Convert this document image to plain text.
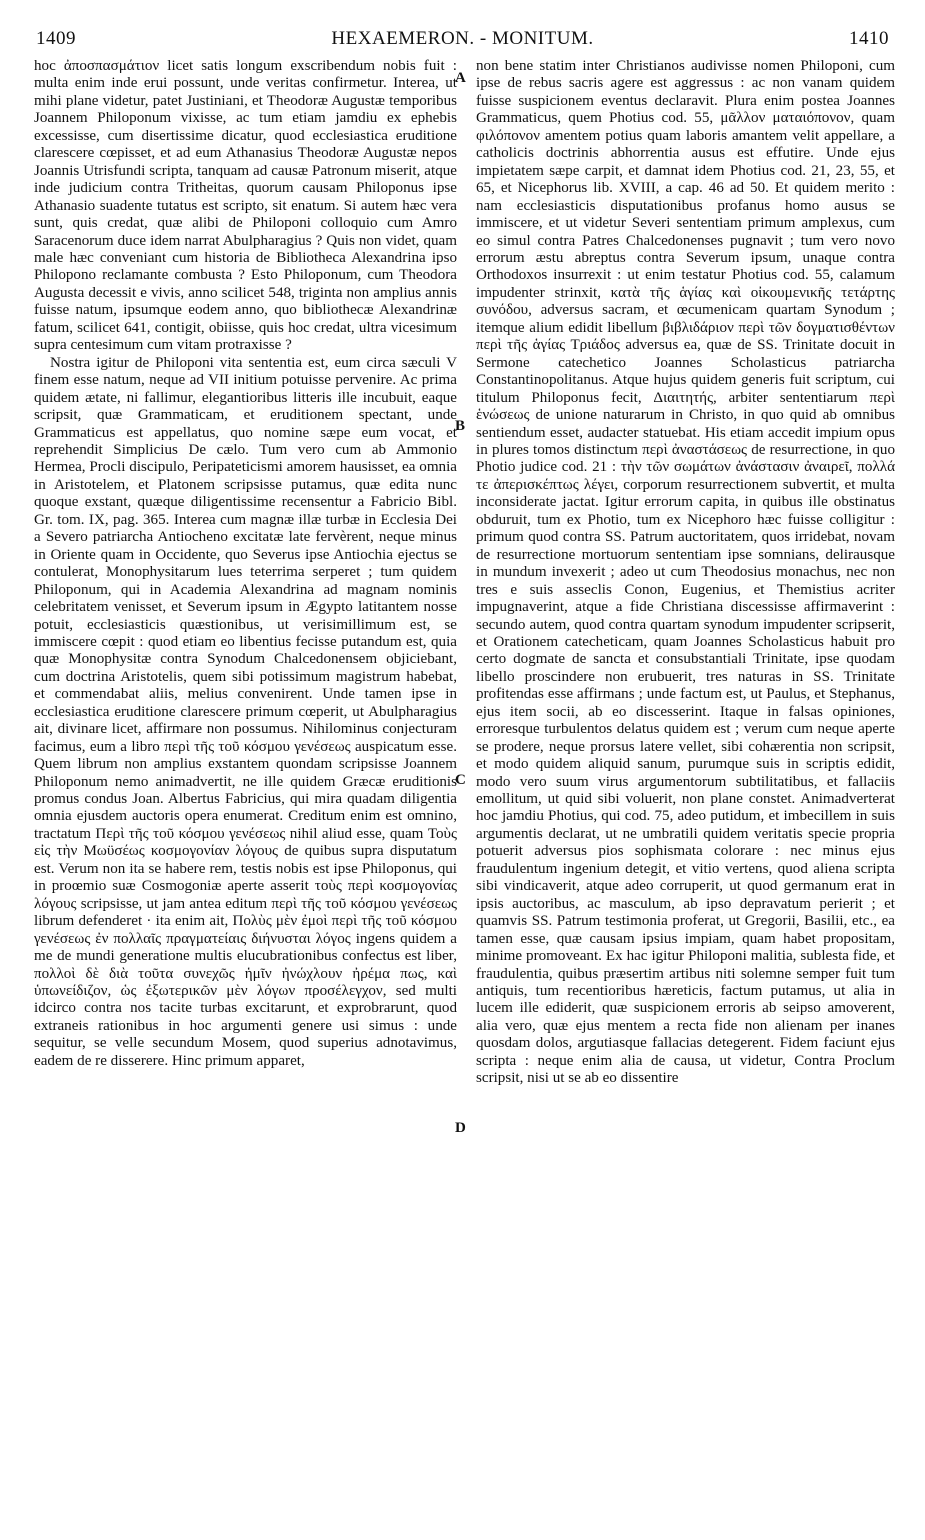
1409	HEXAEMERON. - MONITUM.	1410

hoc ἀποσπασμάτιον licet satis longum exscribendum nobis fuit : multa enim inde erui possunt, unde veritas confirmetur. Interea, ut mihi plane videtur, patet Justiniani, et Theodoræ Augustæ temporibus Joannem Philoponum vixisse, ac tum etiam jamdiu ex ephebis excessisse, cum disertissime dicatur, quod ecclesiastica eruditione clarescere cœpisset, et ad eum Athanasius Theodoræ Augustæ nepos Joannis Utrisfundi scripta, tanquam ad causæ Patronum miserit, atque inde judicium contra Tritheitas, quorum causam Philoponus ipse Athanasio suadente tutatus est scripto, sit enatum. Si autem hæc vera sunt, quis credat, quæ alibi de Philoponi colloquio cum Amro Saracenorum duce idem narrat Abulpharagius ? Quis non videt, quam male hæc conveniant cum historia de Bibliotheca Alexandrina ipso Philopono reclamante combusta ? Esto Philoponum, cum Theodora Augusta decessit e vivis, anno scilicet 548, triginta non amplius annis fuisse natum, ipsumque eodem anno, quo bibliothecæ Alexandrinæ fatum, scilicet 641, contigit, obiisse, quis hoc credat, ultra vicesimum supra centesimum cum vitam protraxisse ?

Nostra igitur de Philoponi vita sententia est, eum circa sæculi V finem esse natum, neque ad VII initium potuisse pervenire. Ac prima quidem ætate, ni fallimur, elegantioribus litteris ille incubuit, eaque scripsit, quæ Grammaticam, et eruditionem spectant, unde Grammaticus est appellatus, quo nomine sæpe eum vocat, et reprehendit Simplicius De cælo. Tum vero cum ab Ammonio Hermea, Procli discipulo, Peripateticismi amorem hausisset, ea omnia in Aristotelem, et Platonem scripsisse putamus, quæ edita nunc quoque exstant, quæque diligentissime recensentur a Fabricio Bibl. Gr. tom. IX, pag. 365. Interea cum magnæ illæ turbæ in Ecclesia Dei a Severo patriarcha Antiocheno excitatæ late fervèrent, neque minus in Oriente quam in Occidente, quo Severus ipse Antiochia ejectus se contulerat, Monophysitarum lues teterrima serperet ; tum quidem Philoponum, qui in Academia Alexandrina ad magnam nominis celebritatem venisset, et Severum ipsum in Ægypto latitantem nosse potuit, ecclesiasticis quæstionibus, ut verisimillimum est, se immiscere cœpit : quod etiam eo libentius fecisse putandum est, quia quæ Monophysitæ contra Synodum Chalcedonensem objiciebant, cum doctrina Aristotelis, quem sibi potissimum magistrum habebat, et commendabat aliis, melius convenirent. Unde tamen ipse in ecclesiastica eruditione clarescere primum cœperit, ut Abulpharagius ait, divinare licet, affirmare non possumus. Nihilominus conjecturam facimus, eum a libro περὶ τῆς τοῦ κόσμου γενέσεως auspicatum esse. Quem librum non amplius exstantem quondam scripsisse Joannem Philoponum nemo animadvertit, ne ille quidem Græcæ eruditionis promus condus Joan. Albertus Fabricius, qui mira quadam diligentia omnia ejusdem auctoris opera enumerat. Creditum enim est omnino, tractatum Περὶ τῆς τοῦ κόσμου γενέσεως nihil aliud esse, quam Τοὺς εἰς τὴν Μωϋσέως κοσμογονίαν λόγους de quibus supra disputatum est. Verum non ita se habere rem, testis nobis est ipse Philoponus, qui in proœmio suæ Cosmogoniæ aperte asserit τοὺς περὶ κοσμογονίας λόγους scripsisse, ut jam antea editum περὶ τῆς τοῦ κόσμου γενέσεως librum defenderet · ita enim ait, Πολὺς μὲν ἐμοὶ περὶ τῆς τοῦ κόσμου γενέσεως ἐν πολλαῖς πραγματείαις διήνυσται λόγος ingens quidem a me de mundi generatione multis elucubrationibus confectus est liber, πολλοὶ δὲ διὰ τοῦτα συνεχῶς ἡμῖν ἠνώχλουν ἠρέμα πως, καὶ ὑπωνείδιζον, ὡς ἐξωτερικῶν μὲν λόγων προσέλεγχον, sed multi idcirco contra nos tacite turbas excitarunt, et exprobrarunt, quod extraneis rationibus in hoc argumenti genere usi simus : unde sequitur, se velle secundum Mosem, quod superius adnotavimus, eadem de re disserere. Hinc primum apparet,

A
B
C
D

non bene statim inter Christianos audivisse nomen Philoponi, cum ipse de rebus sacris agere est aggressus : ac non vanam quidem fuisse suspicionem eventus declaravit. Plura enim postea Joannes Grammaticus, quem Photius cod. 55, μᾶλλον ματαιόπονον, quam φιλόπονον amentem potius quam laboris amantem velit appellare, a catholicis doctrinis abhorrentia ausus est effutire. Unde ejus impietatem sæpe carpit, et damnat idem Photius cod. 21, 23, 55, et 65, et Nicephorus lib. XVIII, a cap. 46 ad 50. Et quidem merito : nam ecclesiasticis disputationibus profanus homo ausus se immiscere, et ut videtur Severi sententiam primum amplexus, cum eo simul contra Patres Chalcedonenses pugnavit ; tum vero novo errorum æstu abreptus contra Severum ipsum, unaque contra Orthodoxos insurrexit : ut enim testatur Photius cod. 55, calamum impudenter strinxit, κατὰ τῆς ἁγίας καὶ οἰκουμενικῆς τετάρτης συνόδου, adversus sacram, et œcumenicam quartam Synodum ; itemque alium edidit libellum βιβλιδάριον περὶ τῶν δογματισθέντων περὶ τῆς ἁγίας Τριάδος adversus ea, quæ de SS. Trinitate docuit in Sermone catechetico Joannes Scholasticus patriarcha Constantinopolitanus. Atque hujus quidem generis fuit scriptum, cui titulum Philoponus fecit, Διαιτητής, arbiter sententiarum περὶ ἑνώσεως de unione naturarum in Christo, in quo quid ab omnibus sentiendum esset, audacter statuebat. His etiam accedit impium opus in plures tomos distinctum περὶ ἀναστάσεως de resurrectione, in quo Photio judice cod. 21 : τὴν τῶν σωμάτων ἀνάστασιν ἀναιρεῖ, πολλά τε ἀπερισκέπτως λέγει, corporum resurrectionem subvertit, et multa inconsiderate jactat. Igitur errorum capita, in quibus ille obstinatus obduruit, tum ex Photio, tum ex Nicephoro hæc fuisse colligitur : primum quod contra SS. Patrum auctoritatem, quos irridebat, novam de resurrectione mortuorum sententiam ipse somnians, delirausque in mundum invexerit ; adeo ut cum Theodosius monachus, nec non tres e suis asseclis Conon, Eugenius, et Themistius acriter impugnaverint, atque a fide Christiana discessisse affirmaverint : secundo autem, quod contra quartam synodum impudenter scripserit, et Orationem catecheticam, quam Joannes Scholasticus habuit pro certo dogmate de sancta et consubstantiali Trinitate, ipse quodam libello proscindere non erubuerit, tres naturas in SS. Trinitate profitendas esse affirmans ; unde factum est, ut Paulus, et Stephanus, ejus item socii, ab eo discesserint. Itaque in falsas opiniones, erroresque turbulentos delatus quidem est ; verum cum neque aperte se prodere, neque prorsus latere vellet, sibi cohærentia non scripsit, et modo quidem aliquid sanum, purumque suis in scriptis edidit, modo vero suum virus argumentorum subtilitatibus, et fallaciis emollitum, ut quid sibi voluerit, non plane constet. Animadverterat hoc jamdiu Photius, qui cod. 75, adeo putidum, et imbecillem in suis argumentis declarat, ut ne umbratili quidem veritatis specie propria potuerit adversus pios sophismata colorare : nec minus ejus fraudulentum ingenium detegit, et vitio vertens, quod aliena scripta sibi vindicaverit, atque adeo corruperit, ut quod germanum erat in ipsis auctoribus, ac masculum, ab ipso depravatum perierit ; et quamvis SS. Patrum testimonia proferat, ut Gregorii, Basilii, etc., ea tamen esse, quæ causam ipsius impiam, quam habet propositam, minime promoveant. Ex hac igitur Philoponi malitia, sublesta fide, et fraudulentia, quibus præsertim artibus niti solemne semper fuit tum antiquis, tum recentioribus hæreticis, factum putamus, ut alia in lucem ille ediderit, quæ suspicionem erroris ab seipso amoverent, alia vero, quæ ejus mentem a recta fide non alienam per inanes quosdam dolos, argutiasque fallacias detegerent. Fidem faciunt ejus scripta : neque enim alia de causa, ut videtur, Contra Proclum scripsit, nisi ut se ab eo dissentire
